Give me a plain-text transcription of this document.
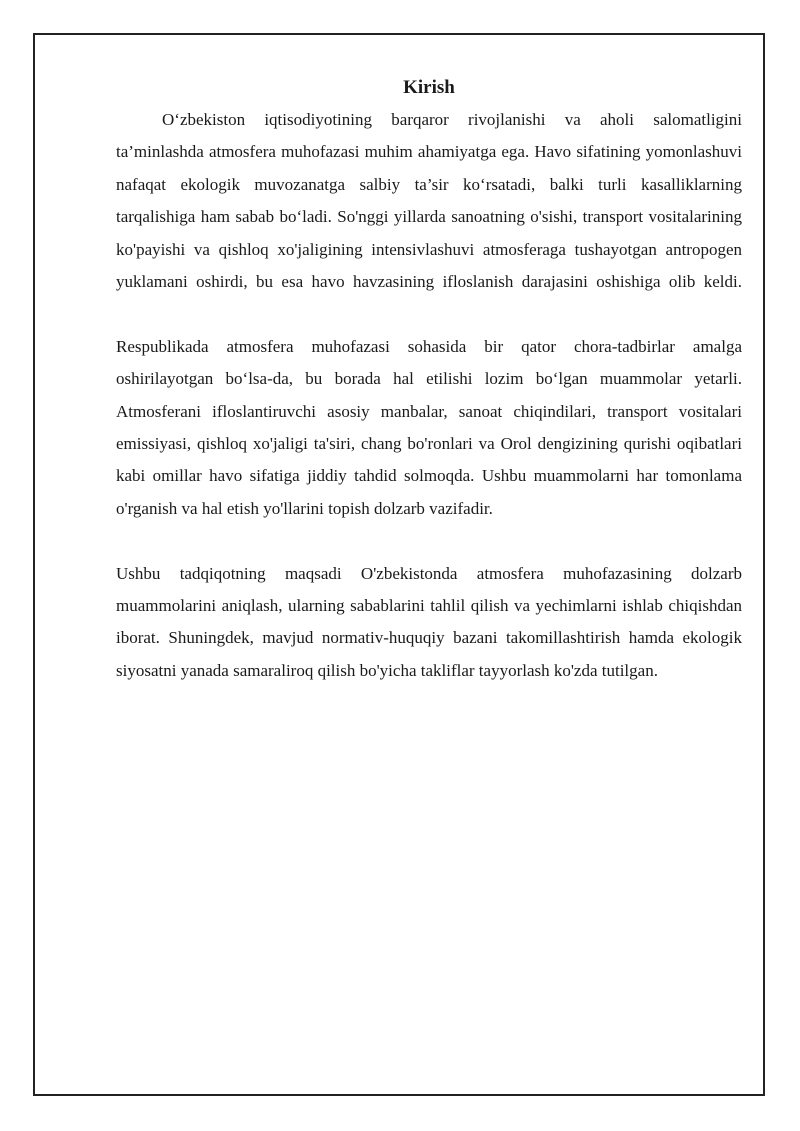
Kirish

O‘zbekiston iqtisodiyotining barqaror rivojlanishi va aholi salomatligini ta’minlashda atmosfera muhofazasi muhim ahamiyatga ega. Havo sifatining yomonlashuvi nafaqat ekologik muvozanatga salbiy ta’sir ko‘rsatadi, balki turli kasalliklarning tarqalishiga ham sabab bo‘ladi. So'nggi yillarda sanoatning o'sishi, transport vositalarining ko'payishi va qishloq xo'jaligining intensivlashuvi atmosferaga tushayotgan antropogen yuklamani oshirdi, bu esa havo havzasining ifloslanish darajasini oshishiga olib keldi.

Respublikada atmosfera muhofazasi sohasida bir qator chora-tadbirlar amalga oshirilayotgan bo‘lsa-da, bu borada hal etilishi lozim bo‘lgan muammolar yetarli. Atmosferani ifloslantiruvchi asosiy manbalar, sanoat chiqindilari, transport vositalari emissiyasi, qishloq xo'jaligi ta'siri, chang bo'ronlari va Orol dengizining qurishi oqibatlari kabi omillar havo sifatiga jiddiy tahdid solmoqda. Ushbu muammolarni har tomonlama o'rganish va hal etish yo'llarini topish dolzarb vazifadir.

Ushbu tadqiqotning maqsadi O'zbekistonda atmosfera muhofazasining dolzarb muammolarini aniqlash, ularning sabablarini tahlil qilish va yechimlarni ishlab chiqishdan iborat. Shuningdek, mavjud normativ-huquqiy bazani takomillashtirish hamda ekologik siyosatni yanada samaraliroq qilish bo'yicha takliflar tayyorlash ko'zda tutilgan.
